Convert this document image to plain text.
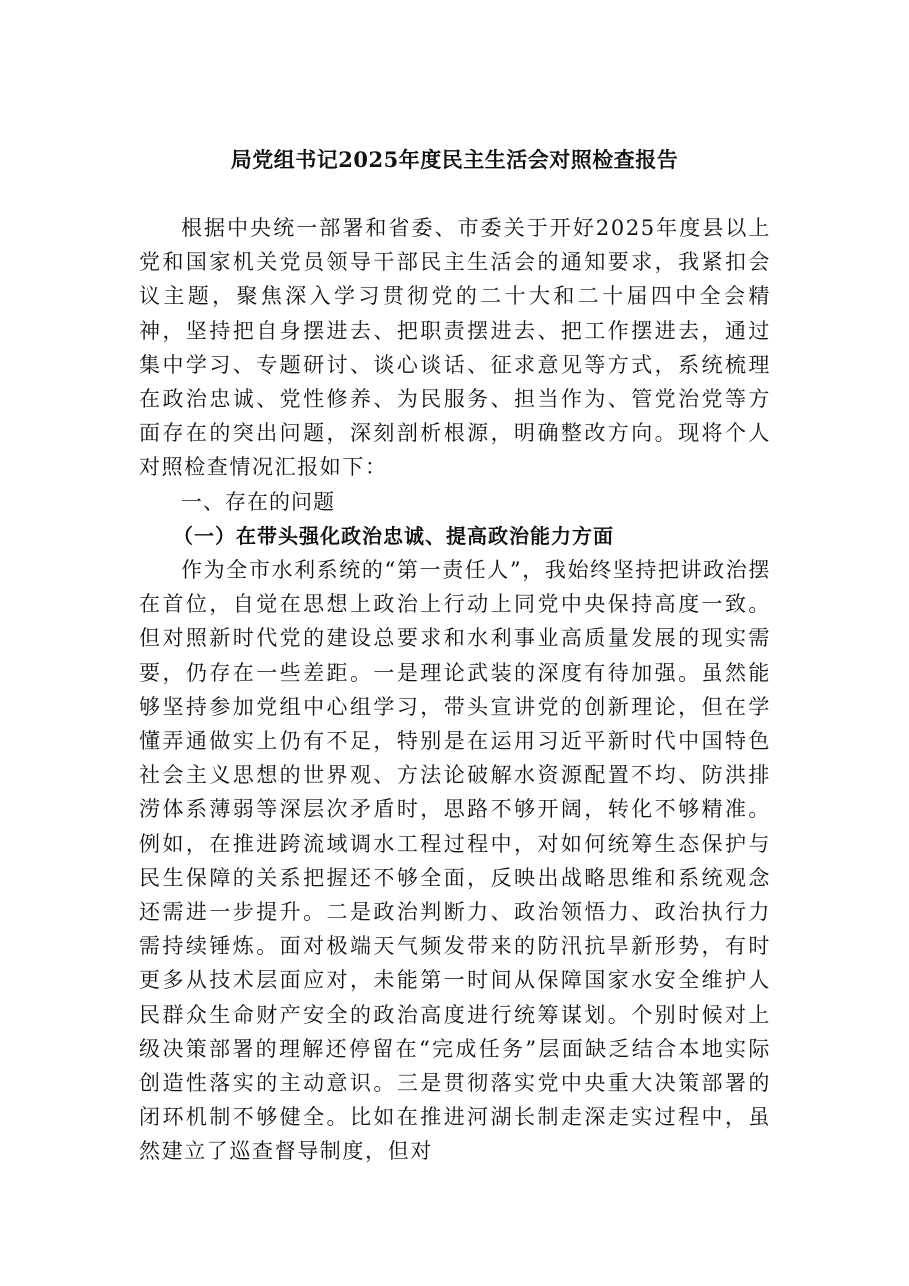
局党组书记2025年度民主生活会对照检查报告

根据中央统一部署和省委、市委关于开好2025年度县以上党和国家机关党员领导干部民主生活会的通知要求，我紧扣会议主题，聚焦深入学习贯彻党的二十大和二十届四中全会精神，坚持把自身摆进去、把职责摆进去、把工作摆进去，通过集中学习、专题研讨、谈心谈话、征求意见等方式，系统梳理在政治忠诚、党性修养、为民服务、担当作为、管党治党等方面存在的突出问题，深刻剖析根源，明确整改方向。现将个人对照检查情况汇报如下：

一、存在的问题

（一）在带头强化政治忠诚、提高政治能力方面

作为全市水利系统的“第一责任人”，我始终坚持把讲政治摆在首位，自觉在思想上政治上行动上同党中央保持高度一致。但对照新时代党的建设总要求和水利事业高质量发展的现实需要，仍存在一些差距。一是理论武装的深度有待加强。虽然能够坚持参加党组中心组学习，带头宣讲党的创新理论，但在学懂弄通做实上仍有不足，特别是在运用习近平新时代中国特色社会主义思想的世界观、方法论破解水资源配置不均、防洪排涝体系薄弱等深层次矛盾时，思路不够开阔，转化不够精准。例如，在推进跨流域调水工程过程中，对如何统筹生态保护与民生保障的关系把握还不够全面，反映出战略思维和系统观念还需进一步提升。二是政治判断力、政治领悟力、政治执行力需持续锤炼。面对极端天气频发带来的防汛抗旱新形势，有时更多从技术层面应对，未能第一时间从保障国家水安全维护人民群众生命财产安全的政治高度进行统筹谋划。个别时候对上级决策部署的理解还停留在“完成任务”层面缺乏结合本地实际创造性落实的主动意识。三是贯彻落实党中央重大决策部署的闭环机制不够健全。比如在推进河湖长制走深走实过程中，虽然建立了巡查督导制度，但对
